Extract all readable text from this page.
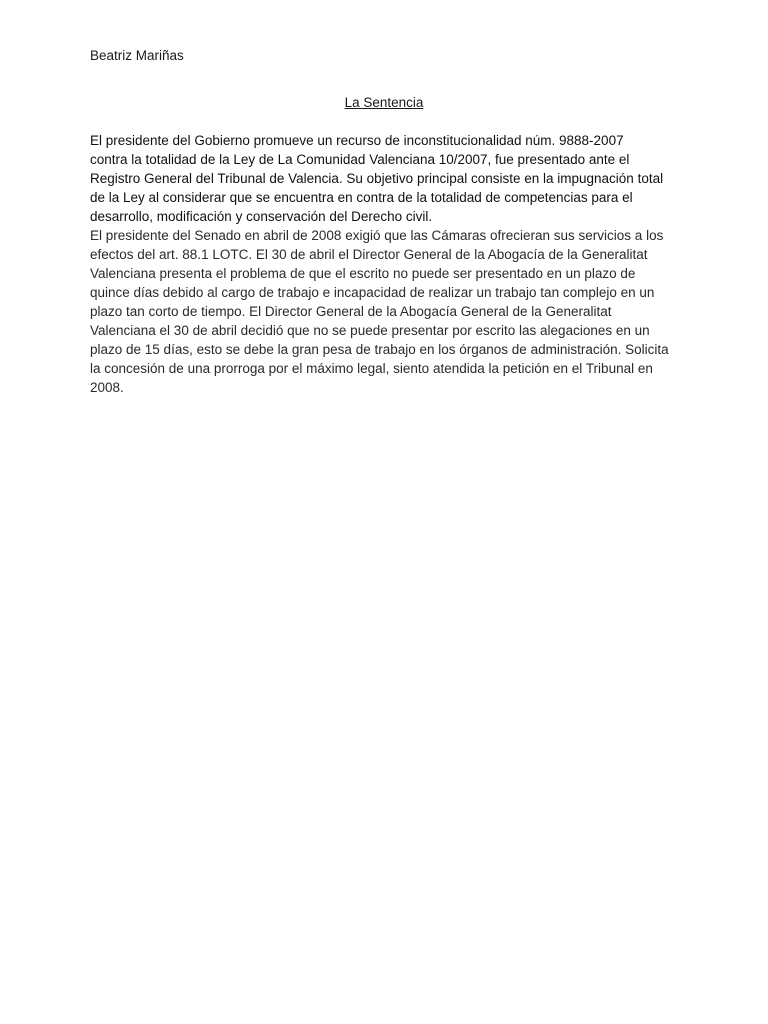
Beatriz Mariñas

La Sentencia

El presidente del Gobierno promueve un recurso de inconstitucionalidad núm. 9888-2007
contra la totalidad de la Ley de La Comunidad Valenciana 10/2007, fue presentado ante el
Registro General del Tribunal de Valencia. Su objetivo principal consiste en la impugnación total
de la Ley al considerar que se encuentra en contra de la totalidad de competencias para el
desarrollo, modificación y conservación del Derecho civil.

El presidente del Senado en abril de 2008 exigió que las Cámaras ofrecieran sus servicios a los
efectos del art. 88.1 LOTC. El 30 de abril el Director General de la Abogacía de la Generalitat
Valenciana presenta el problema de que el escrito no puede ser presentado en un plazo de
quince días debido al cargo de trabajo e incapacidad de realizar un trabajo tan complejo en un
plazo tan corto de tiempo. El Director General de la Abogacía General de la Generalitat
Valenciana el 30 de abril decidió que no se puede presentar por escrito las alegaciones en un
plazo de 15 días, esto se debe la gran pesa de trabajo en los órganos de administración. Solicita
la concesión de una prorroga por el máximo legal, siento atendida la petición en el Tribunal en
2008.
